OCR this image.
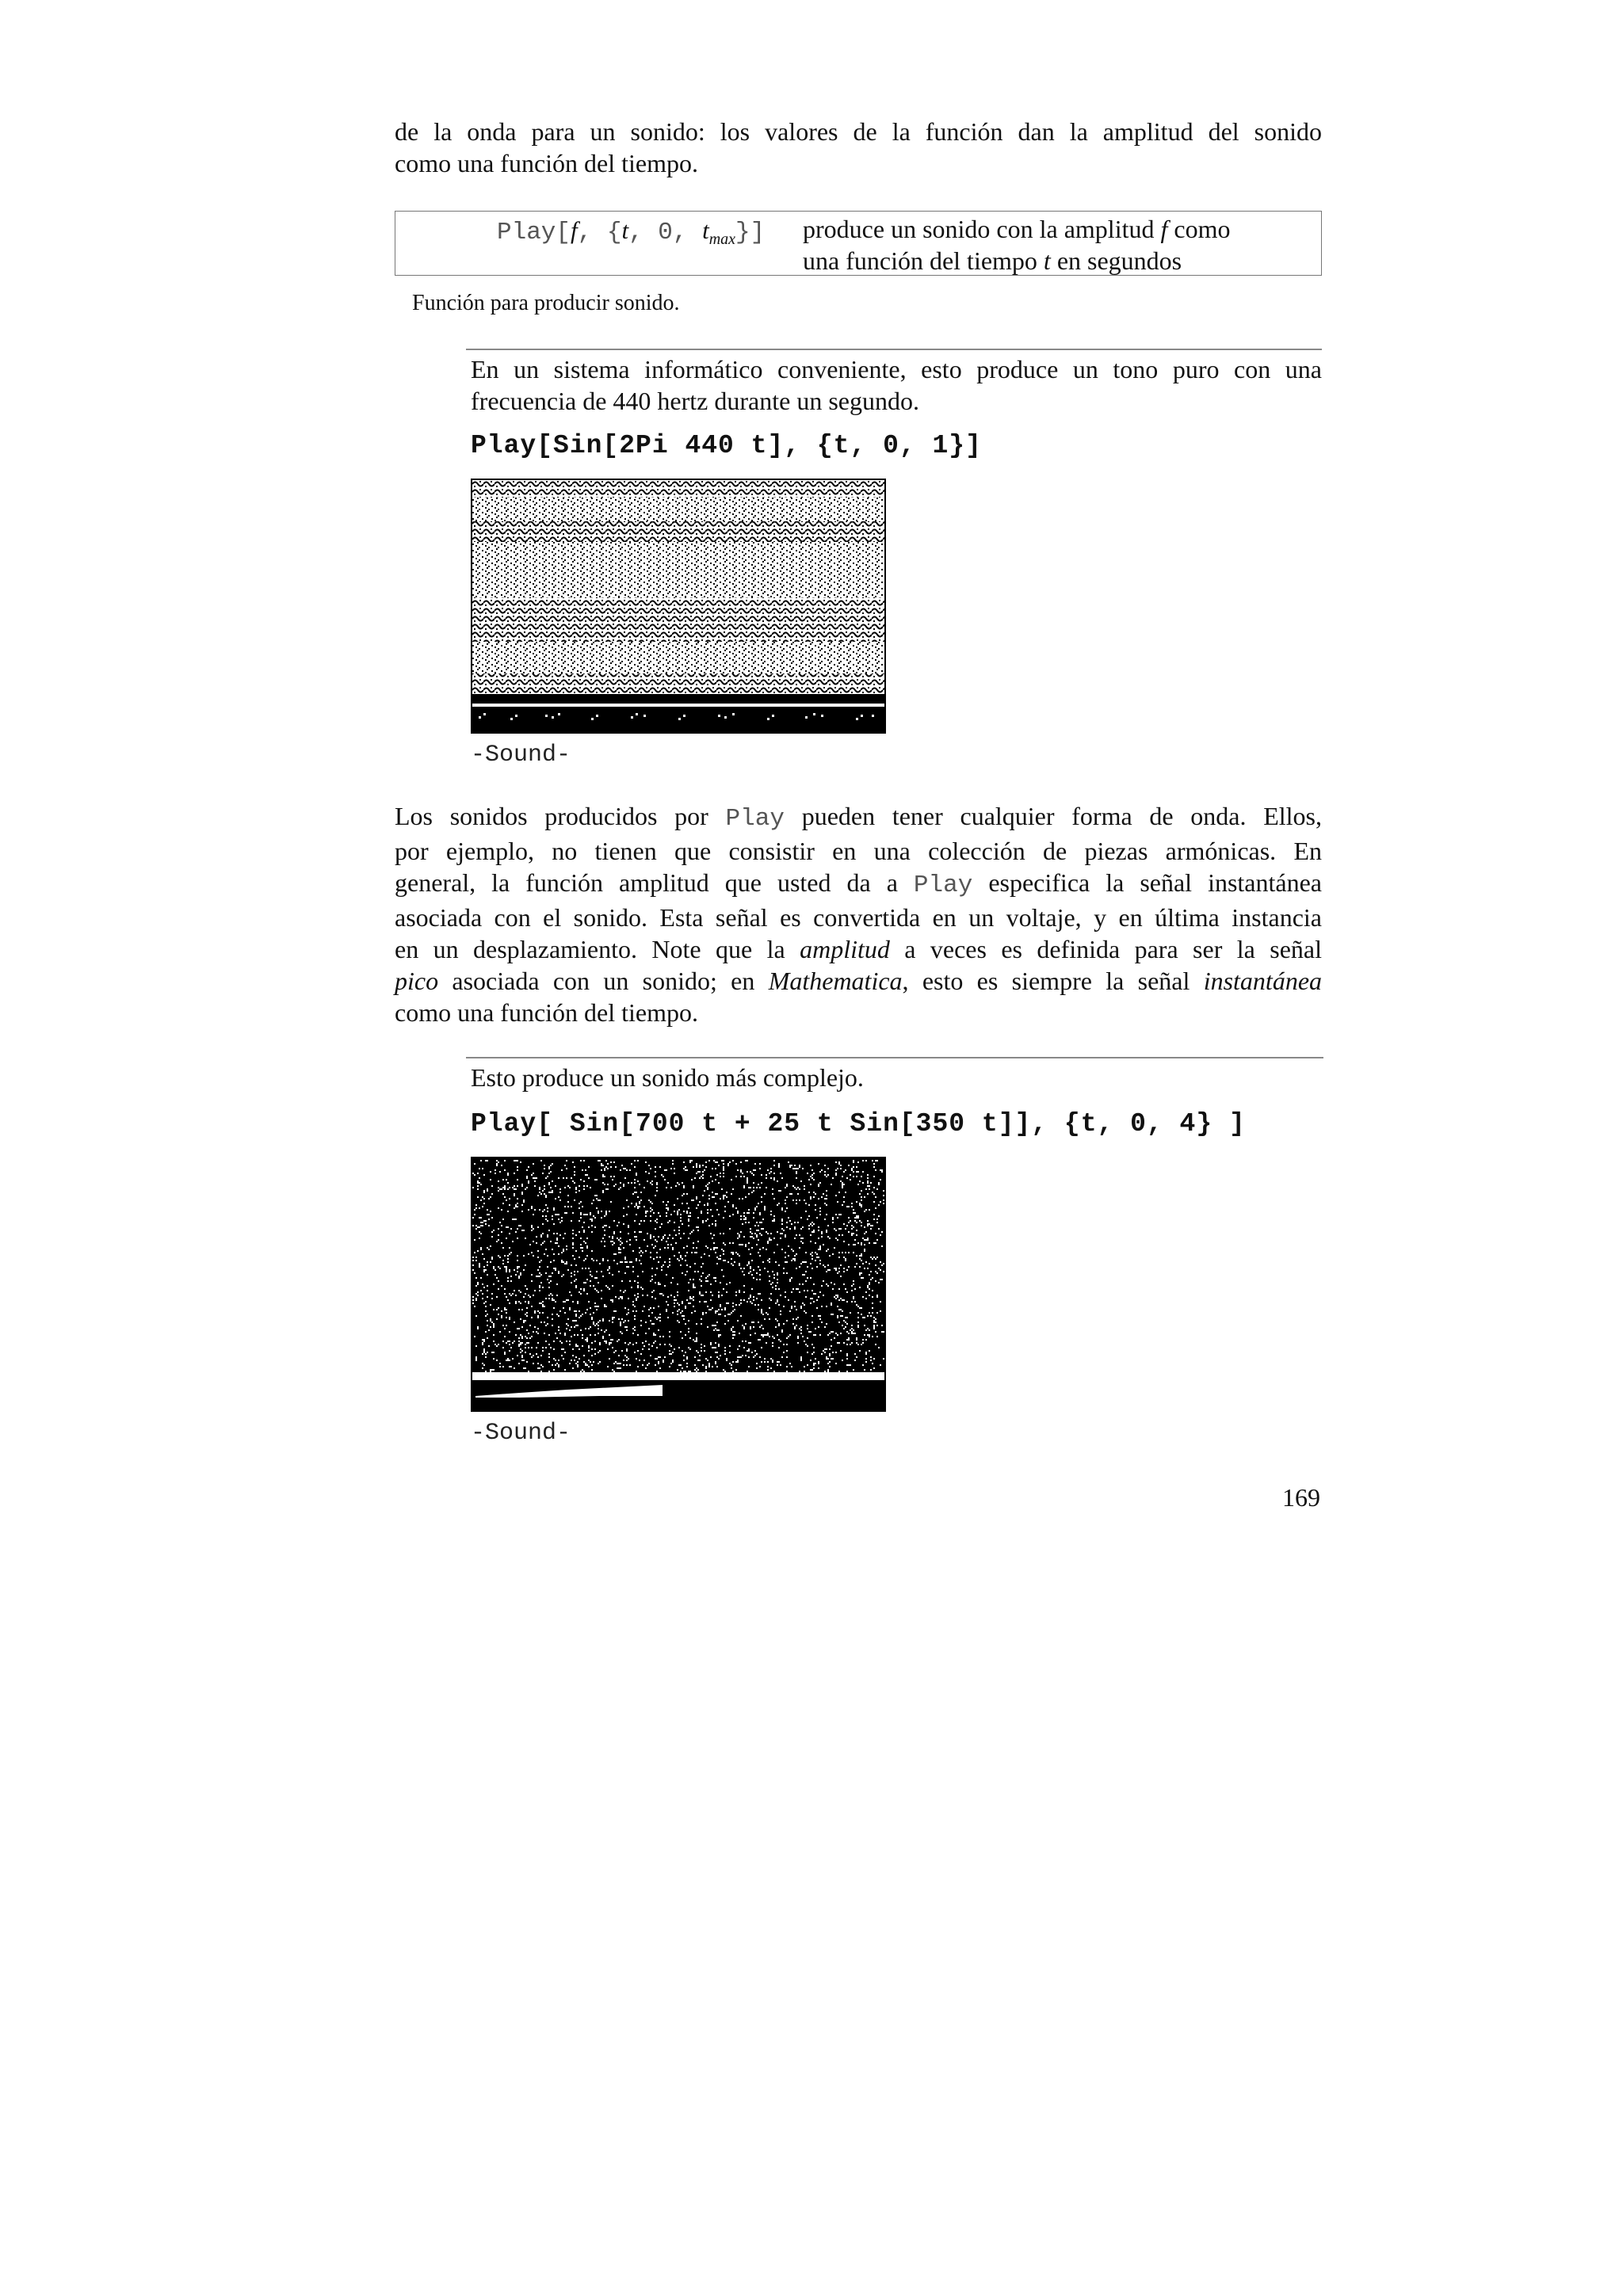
de la onda para un sonido: los valores de la función dan la amplitud del sonido
como una función del tiempo.
Play[f, {t, 0, $t_{max}$}] produce un sonido con la amplitud f como
una función del tiempo t en segundos
Función para producir sonido.
En un sistema informático conveniente, esto produce un tono puro con una
frecuencia de 440 hertz durante un segundo.
Play[Sin[2Pi 440 t], {t, 0, 1}]
-Sound-
Los sonidos producidos por Play pueden tener cualquier forma de onda. Ellos,
por ejemplo, no tienen que consistir en una colección de piezas armónicas. En
general, la función amplitud que usted da a Play especifica la señal instantánea
asociada con el sonido. Esta señal es convertida en un voltaje, y en última instancia
en un desplazamiento. Note que la amplitud a veces es definida para ser la señal
pico asociada con un sonido; en Mathematica, esto es siempre la señal instantánea
como una función del tiempo.
Esto produce un sonido más complejo.
Play[ Sin[700 t + 25 t Sin[350 t]], {t, 0, 4} ]
-Sound-
169
